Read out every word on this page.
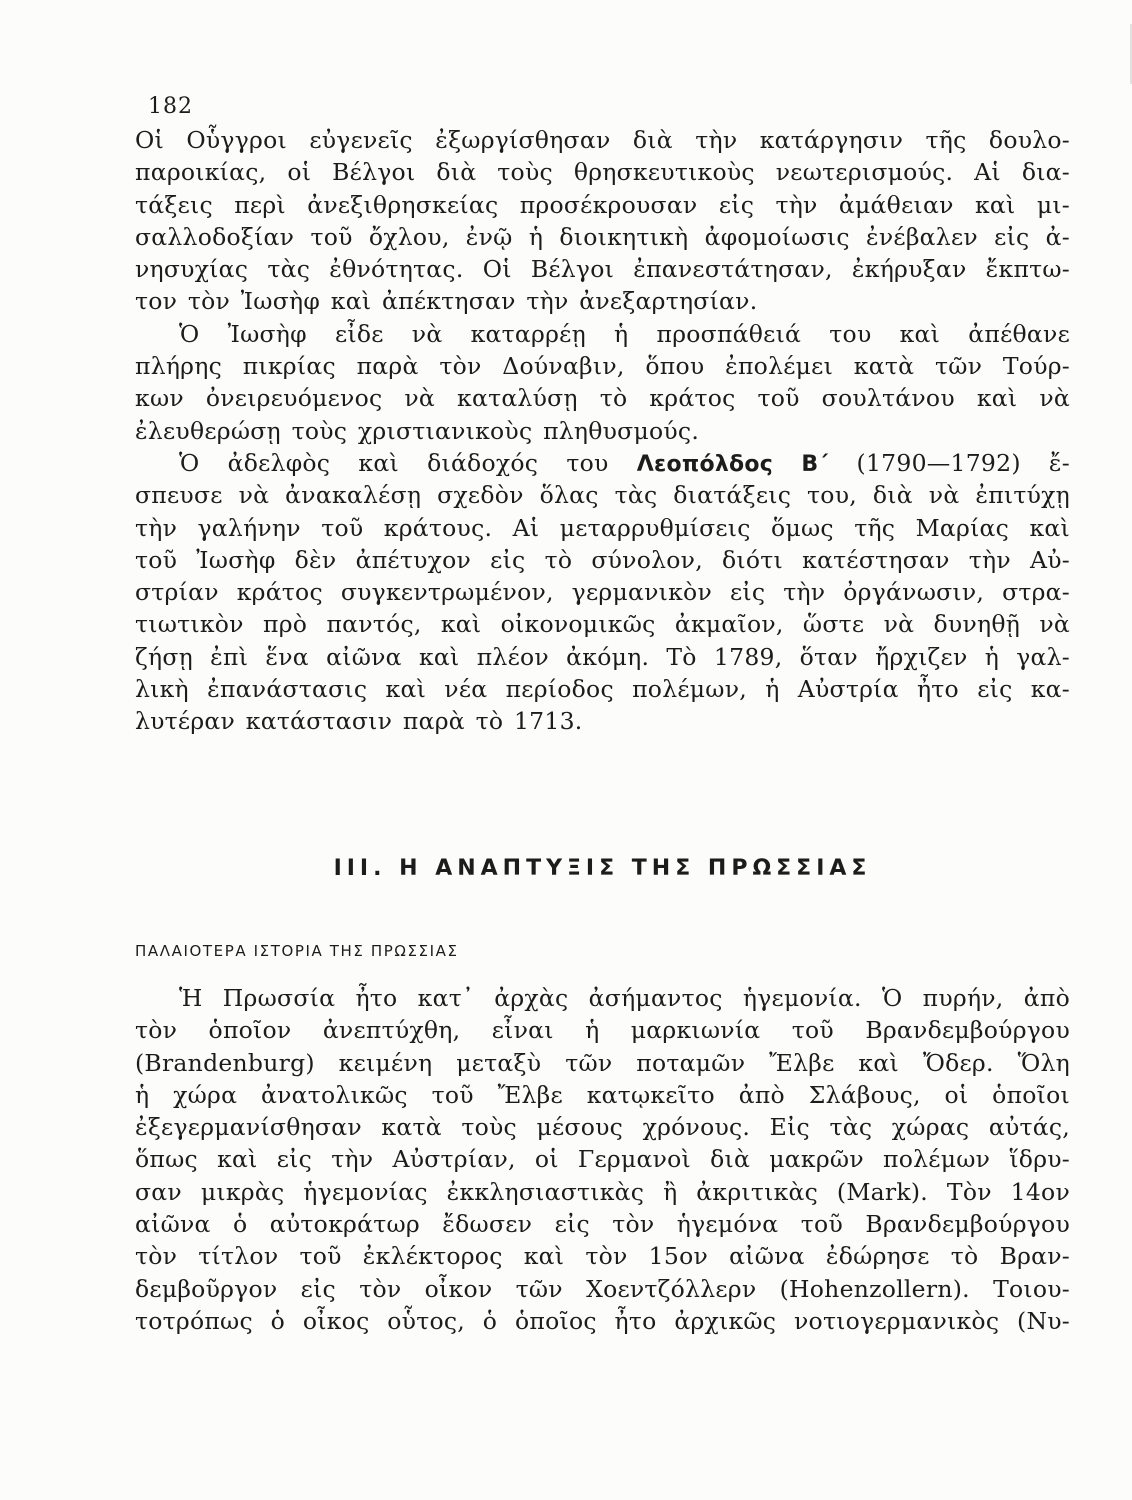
182
Οἱ Οὗγγροι εὐγενεῖς ἐξωργίσθησαν διὰ τὴν κατάργησιν τῆς δουλο-
παροικίας, οἱ Βέλγοι διὰ τοὺς θρησκευτικοὺς νεωτερισμούς. Αἱ δια-
τάξεις περὶ ἀνεξιθρησκείας προσέκρουσαν εἰς τὴν ἀμάθειαν καὶ μι-
σαλλοδοξίαν τοῦ ὄχλου, ἐνῷ ἡ διοικητικὴ ἀφομοίωσις ἐνέβαλεν εἰς ἀ-
νησυχίας τὰς ἐθνότητας. Οἱ Βέλγοι ἐπανεστάτησαν, ἐκήρυξαν ἔκπτω-
τον τὸν Ἰωσὴφ καὶ ἀπέκτησαν τὴν ἀνεξαρτησίαν.
Ὁ Ἰωσὴφ εἶδε νὰ καταρρέῃ ἡ προσπάθειά του καὶ ἀπέθανε
πλήρης πικρίας παρὰ τὸν Δούναβιν, ὅπου ἐπολέμει κατὰ τῶν Τούρ-
κων ὀνειρευόμενος νὰ καταλύσῃ τὸ κράτος τοῦ σουλτάνου καὶ νὰ
ἐλευθερώσῃ τοὺς χριστιανικοὺς πληθυσμούς.
Ὁ ἀδελφὸς καὶ διάδοχός του Λεοπόλδος Β΄ (1790—1792) ἔ-
σπευσε νὰ ἀνακαλέσῃ σχεδὸν ὅλας τὰς διατάξεις του, διὰ νὰ ἐπιτύχῃ
τὴν γαλήνην τοῦ κράτους. Αἱ μεταρρυθμίσεις ὅμως τῆς Μαρίας καὶ
τοῦ Ἰωσὴφ δὲν ἀπέτυχον εἰς τὸ σύνολον, διότι κατέστησαν τὴν Αὐ-
στρίαν κράτος συγκεντρωμένον, γερμανικὸν εἰς τὴν ὀργάνωσιν, στρα-
τιωτικὸν πρὸ παντός, καὶ οἰκονομικῶς ἀκμαῖον, ὥστε νὰ δυνηθῇ νὰ
ζήσῃ ἐπὶ ἕνα αἰῶνα καὶ πλέον ἀκόμη. Τὸ 1789, ὅταν ἤρχιζεν ἡ γαλ-
λικὴ ἐπανάστασις καὶ νέα περίοδος πολέμων, ἡ Αὐστρία ἦτο εἰς κα-
λυτέραν κατάστασιν παρὰ τὸ 1713.
III. Η ΑΝΑΠΤΥΞΙΣ ΤΗΣ ΠΡΩΣΣΙΑΣ
ΠΑΛΑΙΟΤΕΡΑ ΙΣΤΟΡΙΑ ΤΗΣ ΠΡΩΣΣΙΑΣ
Ἡ Πρωσσία ἦτο κατ᾿ ἀρχὰς ἀσήμαντος ἡγεμονία. Ὁ πυρήν, ἀπὸ
τὸν ὁποῖον ἀνεπτύχθη, εἶναι ἡ μαρκιωνία τοῦ Βρανδεμβούργου
(Brandenburg) κειμένη μεταξὺ τῶν ποταμῶν Ἔλβε καὶ Ὄδερ. Ὅλη
ἡ χώρα ἀνατολικῶς τοῦ Ἔλβε κατῳκεῖτο ἀπὸ Σλάβους, οἱ ὁποῖοι
ἐξεγερμανίσθησαν κατὰ τοὺς μέσους χρόνους. Εἰς τὰς χώρας αὐτάς,
ὅπως καὶ εἰς τὴν Αὐστρίαν, οἱ Γερμανοὶ διὰ μακρῶν πολέμων ἵδρυ-
σαν μικρὰς ἡγεμονίας ἐκκλησιαστικὰς ἢ ἀκριτικὰς (Mark). Τὸν 14ον
αἰῶνα ὁ αὐτοκράτωρ ἔδωσεν εἰς τὸν ἡγεμόνα τοῦ Βρανδεμβούργου
τὸν τίτλον τοῦ ἐκλέκτορος καὶ τὸν 15ον αἰῶνα ἐδώρησε τὸ Βραν-
δεμβοῦργον εἰς τὸν οἶκον τῶν Χοεντζόλλερν (Hohenzollern). Τοιου-
τοτρόπως ὁ οἶκος οὗτος, ὁ ὁποῖος ἦτο ἀρχικῶς νοτιογερμανικὸς (Νυ-
